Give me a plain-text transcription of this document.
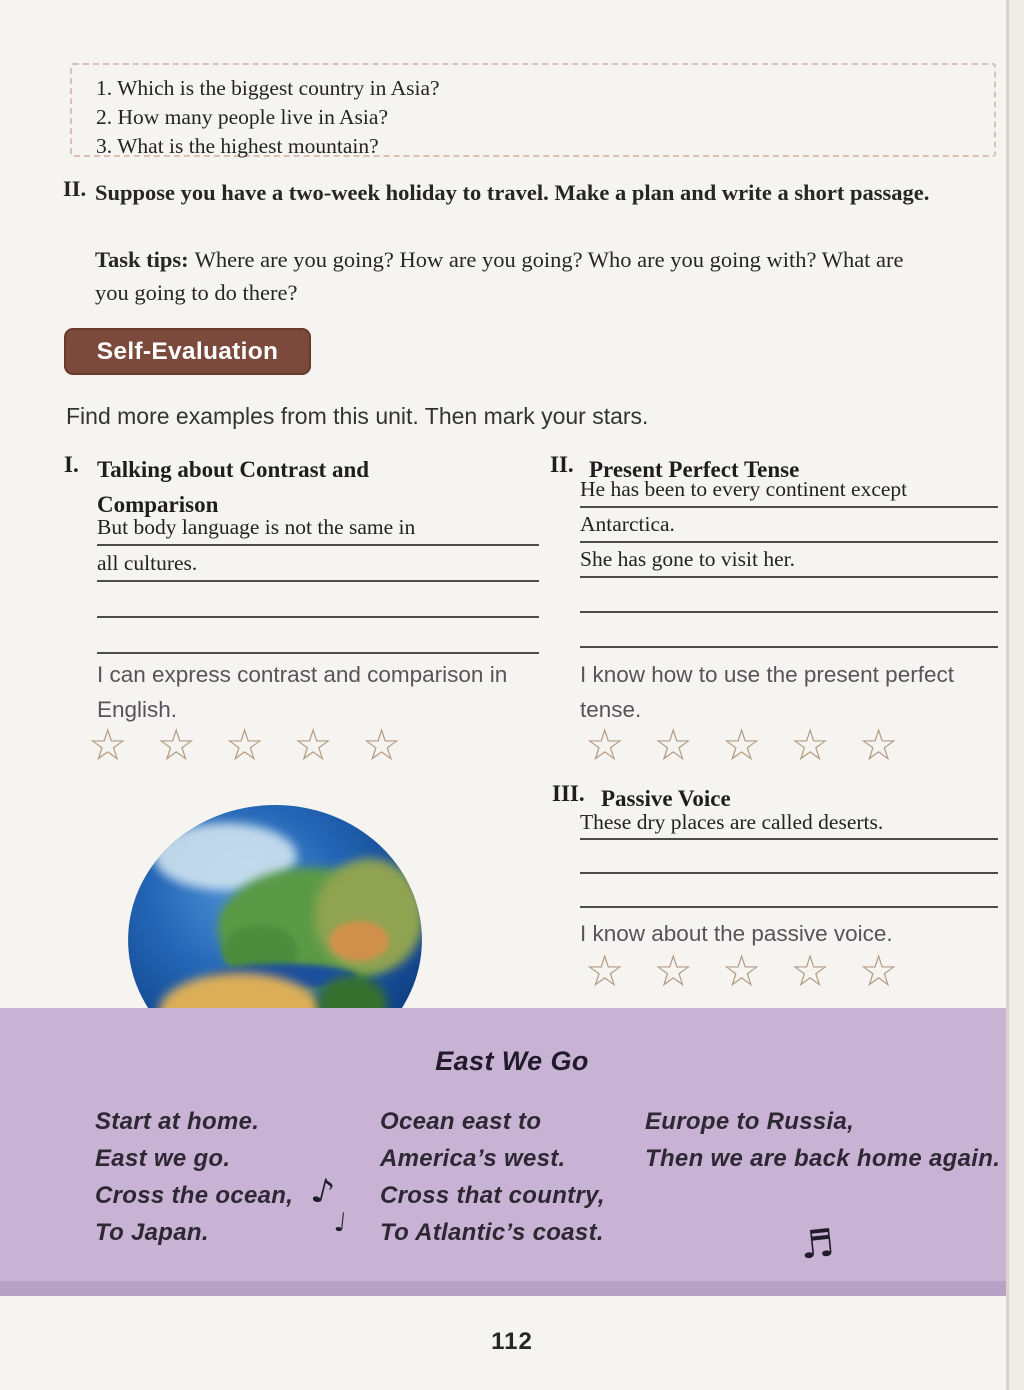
1. Which is the biggest country in Asia?
2. How many people live in Asia?
3. What is the highest mountain?
II. Suppose you have a two-week holiday to travel. Make a plan and write a short passage.
Task tips: Where are you going? How are you going? Who are you going with? What are you going to do there?
Self-Evaluation
Find more examples from this unit. Then mark your stars.
I. Talking about Contrast and Comparison
But body language is not the same in
all cultures.
I can express contrast and comparison in English.
☆ ☆ ☆ ☆ ☆
II. Present Perfect Tense
He has been to every continent except
Antarctica.
She has gone to visit her.
I know how to use the present perfect tense.
☆ ☆ ☆ ☆ ☆
III. Passive Voice
These dry places are called deserts.
I know about the passive voice.
☆ ☆ ☆ ☆ ☆
East We Go
Start at home.
East we go.
Cross the ocean,
To Japan.
Ocean east to
America’s west.
Cross that country,
To Atlantic’s coast.
Europe to Russia,
Then we are back home again.
♪
♩	♬
112
